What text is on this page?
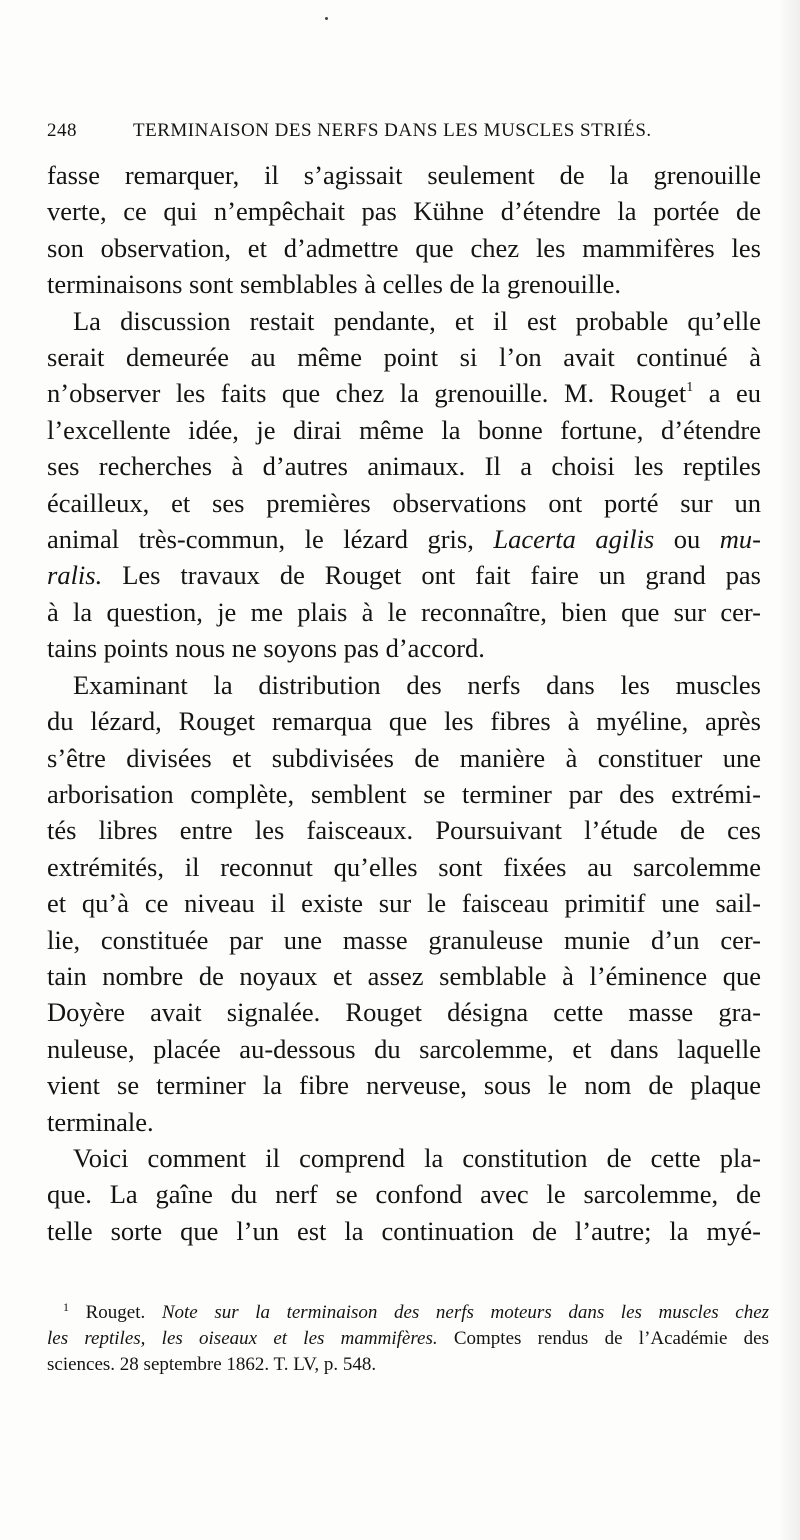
248	TERMINAISON DES NERFS DANS LES MUSCLES STRIÉS.

fasse remarquer, il s’agissait seulement de la grenouille
verte, ce qui n’empêchait pas Kühne d’étendre la portée de
son observation, et d’admettre que chez les mammifères les
terminaisons sont semblables à celles de la grenouille.

La discussion restait pendante, et il est probable qu’elle
serait demeurée au même point si l’on avait continué à
n’observer les faits que chez la grenouille. M. Rouget$^1$ a eu
l’excellente idée, je dirai même la bonne fortune, d’étendre
ses recherches à d’autres animaux. Il a choisi les reptiles
écailleux, et ses premières observations ont porté sur un
animal très-commun, le lézard gris, Lacerta agilis ou mu-
ralis. Les travaux de Rouget ont fait faire un grand pas
à la question, je me plais à le reconnaître, bien que sur cer-
tains points nous ne soyons pas d’accord.

Examinant la distribution des nerfs dans les muscles
du lézard, Rouget remarqua que les fibres à myéline, après
s’être divisées et subdivisées de manière à constituer une
arborisation complète, semblent se terminer par des extrémi-
tés libres entre les faisceaux. Poursuivant l’étude de ces
extrémités, il reconnut qu’elles sont fixées au sarcolemme
et qu’à ce niveau il existe sur le faisceau primitif une sail-
lie, constituée par une masse granuleuse munie d’un cer-
tain nombre de noyaux et assez semblable à l’éminence que
Doyère avait signalée. Rouget désigna cette masse gra-
nuleuse, placée au-dessous du sarcolemme, et dans laquelle
vient se terminer la fibre nerveuse, sous le nom de plaque
terminale.

Voici comment il comprend la constitution de cette pla-
que. La gaîne du nerf se confond avec le sarcolemme, de
telle sorte que l’un est la continuation de l’autre; la myé-

$^1$ Rouget. Note sur la terminaison des nerfs moteurs dans les muscles chez
les reptiles, les oiseaux et les mammifères. Comptes rendus de l’Académie des
sciences. 28 septembre 1862. T. LV, p. 548.
